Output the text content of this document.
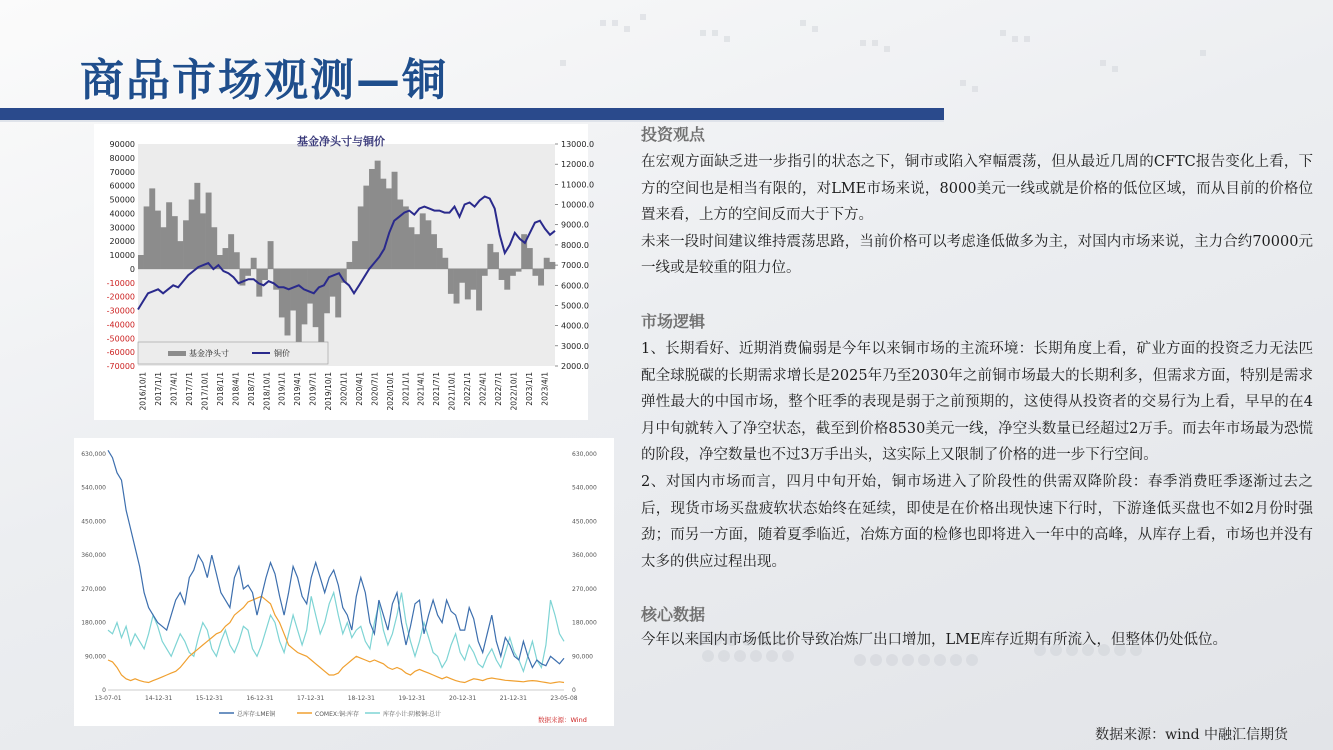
商品市场观测—铜
基金净头寸与铜价
90000
80000
70000
60000
50000
40000
30000
20000
10000
0
-10000
-20000
-30000
-40000
-50000
-60000
-70000
13000.0
12000.0
11000.0
10000.0
9000.0
8000.0
7000.0
6000.0
5000.0
4000.0
3000.0
2000.0
2016/10/1 2017/1/1 2017/4/1 2017/7/1 2017/10/1 2018/1/1 2018/4/1 2018/7/1 2018/10/1 2019/1/1 2019/4/1 2019/7/1 2019/10/1 2020/1/1 2020/4/1 2020/7/1 2020/10/1 2021/1/1 2021/4/1 2021/7/1 2021/10/1 2022/1/1 2022/4/1 2022/7/1 2022/10/1 2023/1/1 2023/4/1
基金净头寸	铜价
630,000
540,000
450,000
360,000
270,000
180,000
90,000
0
630,000
540,000
450,000
360,000
270,000
180,000
90,000
0
13-07-01	14-12-31	15-12-31	16-12-31	17-12-31	18-12-31	19-12-31	20-12-31	21-12-31	23-05-08
总库存:LME铜	COMEX:铜:库存	库存小计:阴极铜:总计
数据来源：Wind

投资观点

在宏观方面缺乏进一步指引的状态之下，铜市或陷入窄幅震荡，但从最近几周的CFTC报告变化上看，下方的空间也是相当有限的，对LME市场来说，8000美元一线或就是价格的低位区域，而从目前的价格位置来看，上方的空间反而大于下方。

未来一段时间建议维持震荡思路，当前价格可以考虑逢低做多为主，对国内市场来说，主力合约70000元一线或是较重的阻力位。

市场逻辑

1、长期看好、近期消费偏弱是今年以来铜市场的主流环境：长期角度上看，矿业方面的投资乏力无法匹配全球脱碳的长期需求增长是2025年乃至2030年之前铜市场最大的长期利多，但需求方面，特别是需求弹性最大的中国市场，整个旺季的表现是弱于之前预期的，这使得从投资者的交易行为上看，早早的在4月中旬就转入了净空状态，截至到价格8530美元一线，净空头数量已经超过2万手。而去年市场最为恐慌的阶段，净空数量也不过3万手出头，这实际上又限制了价格的进一步下行空间。

2、对国内市场而言，四月中旬开始，铜市场进入了阶段性的供需双降阶段：春季消费旺季逐渐过去之后，现货市场买盘疲软状态始终在延续，即使是在价格出现快速下行时，下游逢低买盘也不如2月份时强劲；而另一方面，随着夏季临近，冶炼方面的检修也即将进入一年中的高峰，从库存上看，市场也并没有太多的供应过程出现。

核心数据

今年以来国内市场低比价导致冶炼厂出口增加，LME库存近期有所流入，但整体仍处低位。

数据来源：wind 中融汇信期货
